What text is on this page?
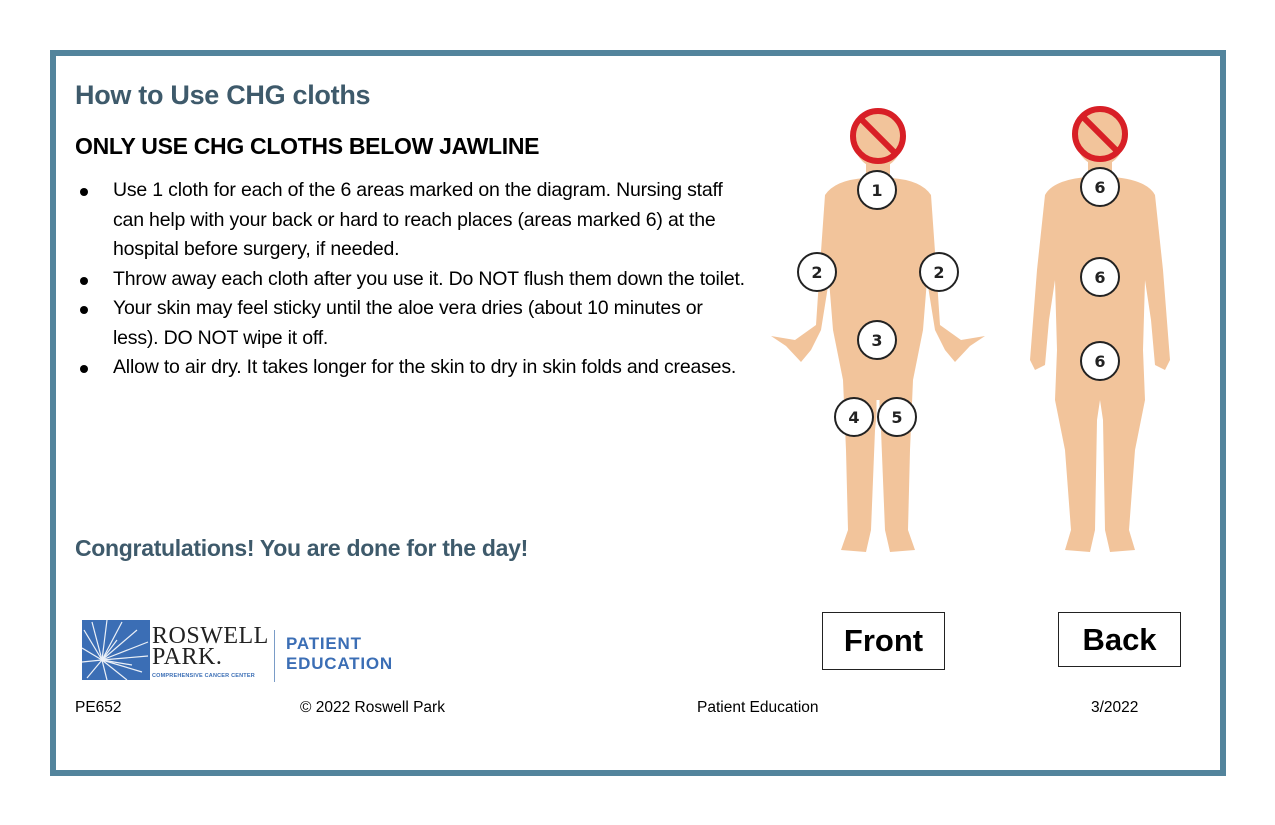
How to Use CHG cloths
ONLY USE CHG CLOTHS BELOW JAWLINE
Use 1 cloth for each of the 6 areas marked on the diagram. Nursing staff can help with your back or hard to reach places (areas marked 6) at the hospital before surgery, if needed.
Throw away each cloth after you use it. Do NOT flush them down the toilet.
Your skin may feel sticky until the aloe vera dries (about 10 minutes or less). DO NOT wipe it off.
Allow to air dry. It takes longer for the skin to dry in skin folds and creases.
Congratulations! You are done for the day!
1
2	2
3
4	5
6
6
6
Front	Back
ROSWELL
PARK.
COMPREHENSIVE CANCER CENTER
PATIENT
EDUCATION
PE652	© 2022 Roswell Park	Patient Education	3/2022
